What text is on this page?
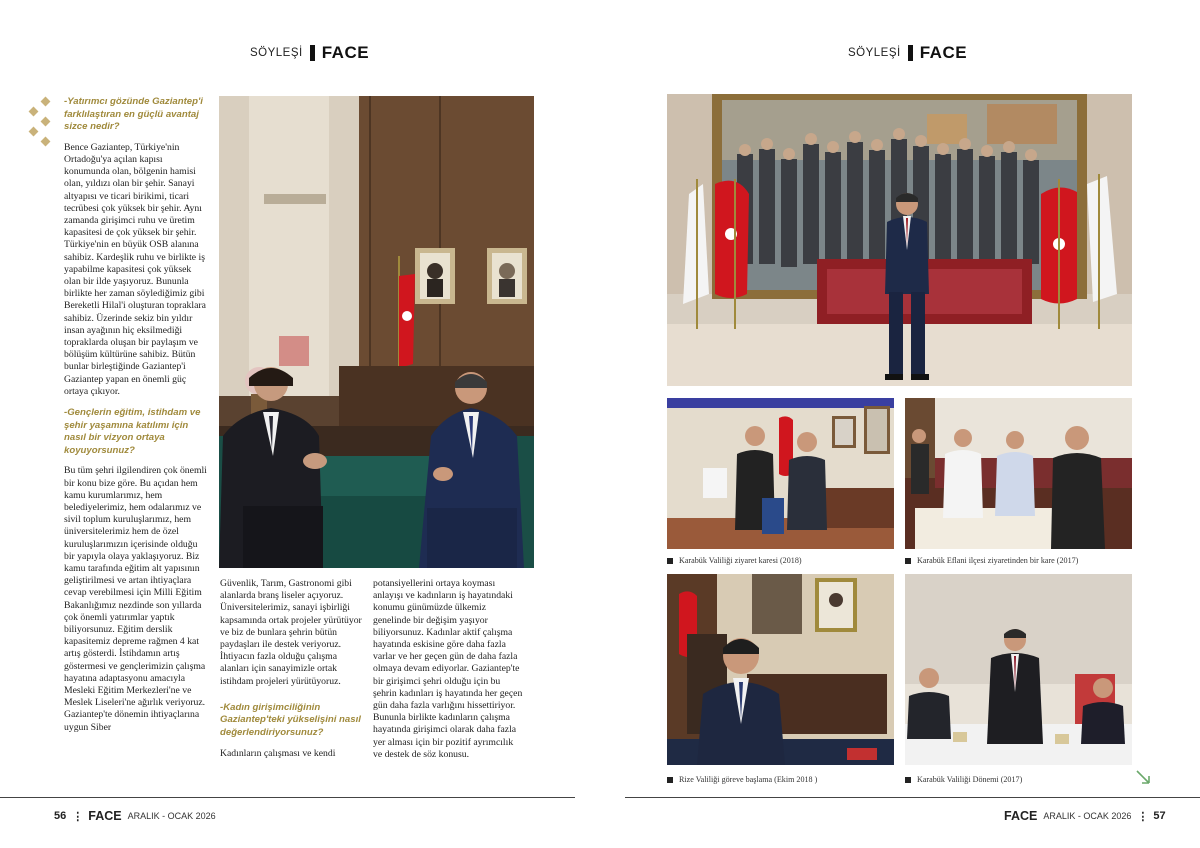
SÖYLEŞİ FACE	SÖYLEŞİ FACE

-Yatırımcı gözünde Gaziantep'i farklılaştıran en güçlü avantaj sizce nedir?

Bence Gaziantep, Türkiye'nin Ortadoğu'ya açılan kapısı konumunda olan, bölgenin hamisi olan, yıldızı olan bir şehir. Sanayi altyapısı ve ticari birikimi, ticari tecrübesi çok yüksek bir şehir. Aynı zamanda girişimci ruhu ve üretim kapasitesi de çok yüksek bir şehir. Türkiye'nin en büyük OSB alanına sahibiz. Kardeşlik ruhu ve birlikte iş yapabilme kapasitesi çok yüksek olan bir ilde yaşıyoruz. Bununla birlikte her zaman söylediğimiz gibi Bereketli Hilal'i oluşturan topraklara sahibiz. Üzerinde sekiz bin yıldır insan ayağının hiç eksilmediği topraklarda oluşan bir paylaşım ve bölüşüm kültürüne sahibiz. Bütün bunlar birleştiğinde Gaziantep'i Gaziantep yapan en önemli güç ortaya çıkıyor.

-Gençlerin eğitim, istihdam ve şehir yaşamına katılımı için nasıl bir vizyon ortaya koyuyorsunuz?

Bu tüm şehri ilgilendiren çok önemli bir konu bize göre. Bu açıdan hem kamu kurumlarımız, hem belediyelerimiz, hem odalarımız ve sivil toplum kuruluşlarımız, hem üniversitelerimiz hem de özel kuruluşlarımızın içerisinde olduğu bir yapıyla olaya yaklaşıyoruz. Biz kamu tarafında eğitim alt yapısının geliştirilmesi ve artan ihtiyaçlara cevap verebilmesi için Milli Eğitim Bakanlığımız nezdinde son yıllarda çok önemli yatırımlar yaptık biliyorsunuz. Eğitim derslik kapasitemiz depreme rağmen 4 kat artış gösterdi. İstihdamın artış göstermesi ve gençlerimizin çalışma hayatına adaptasyonu amacıyla Mesleki Eğitim Merkezleri'ne ve Meslek Liseleri'ne ağırlık veriyoruz. Gaziantep'te dönemin ihtiyaçlarına uygun Siber

Güvenlik, Tarım, Gastronomi gibi alanlarda branş liseler açıyoruz. Üniversitelerimiz, sanayi işbirliği kapsamında ortak projeler yürütüyor ve biz de bunlara şehrin bütün paydaşları ile destek veriyoruz. İhtiyacın fazla olduğu çalışma alanları için sanayimizle ortak istihdam projeleri yürütüyoruz.

-Kadın girişimciliğinin Gaziantep'teki yükselişini nasıl değerlendiriyorsunuz?

Kadınların çalışması ve kendi

potansiyellerini ortaya koyması anlayışı ve kadınların iş hayatındaki konumu günümüzde ülkemiz genelinde bir değişim yaşıyor biliyorsunuz. Kadınlar aktif çalışma hayatında eskisine göre daha fazla varlar ve her geçen gün de daha fazla olmaya devam ediyorlar. Gaziantep'te bir girişimci şehri olduğu için bu şehrin kadınları iş hayatında her geçen gün daha fazla varlığını hissettiriyor. Bununla birlikte kadınların çalışma hayatında girişimci olarak daha fazla yer alması için bir pozitif ayrımcılık ve destek de söz konusu.

Karabük Valiliği ziyaret karesi (2018)	Karabük Eflani ilçesi ziyaretinden bir kare (2017)
Rize Valiliği göreve başlama (Ekim 2018 )	Karabük Valiliği Dönemi (2017)
56 ⋮ FACE ARALIK - OCAK 2026	FACE ARALIK - OCAK 2026 ⋮ 57
